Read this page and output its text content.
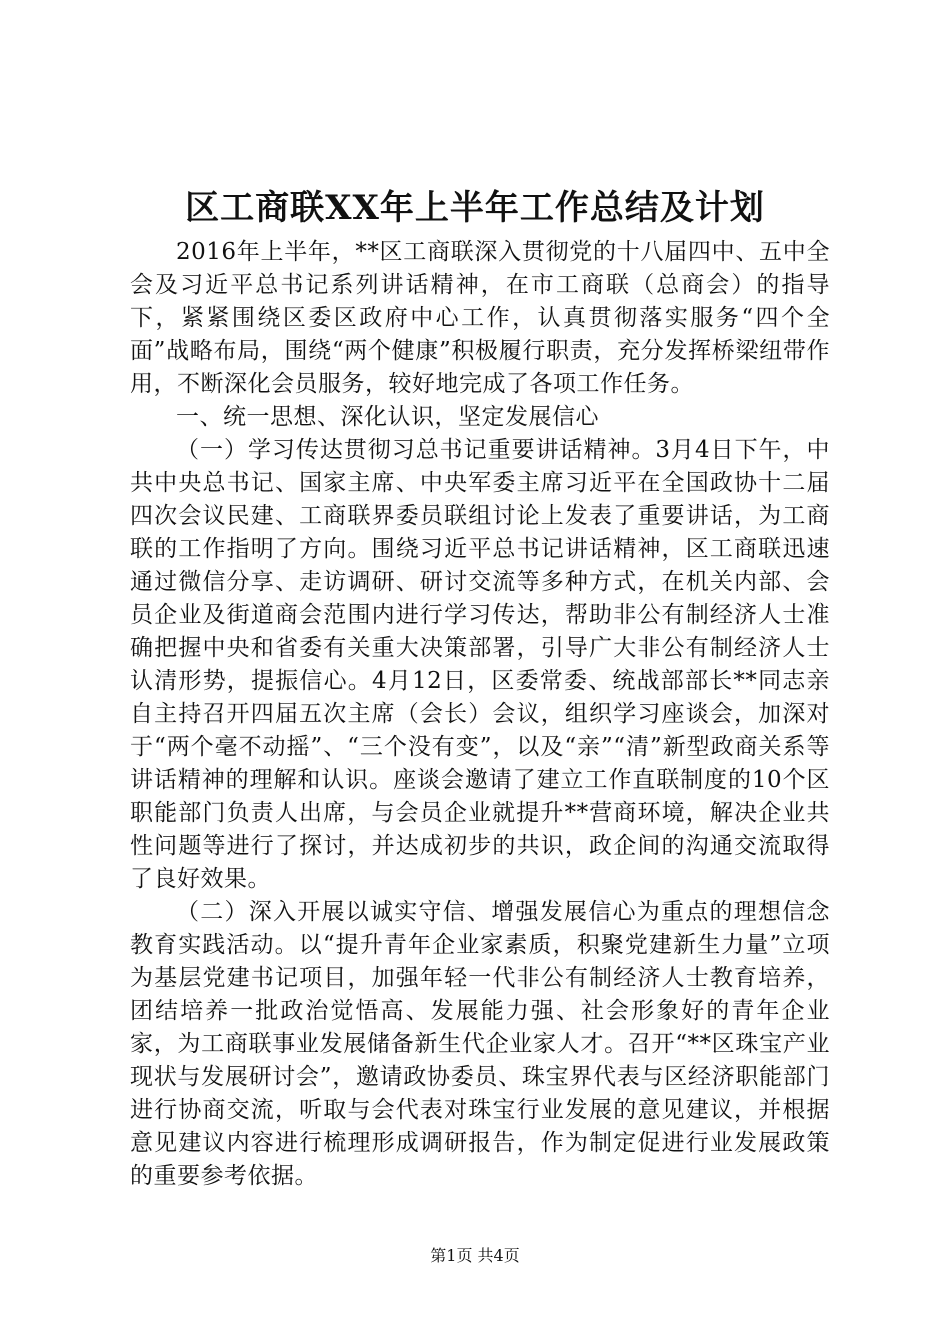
区工商联XX年上半年工作总结及计划

2016年上半年，**区工商联深入贯彻党的十八届四中、五中全会及习近平总书记系列讲话精神，在市工商联（总商会）的指导下，紧紧围绕区委区政府中心工作，认真贯彻落实服务“四个全面”战略布局，围绕“两个健康”积极履行职责，充分发挥桥梁纽带作用，不断深化会员服务，较好地完成了各项工作任务。

一、统一思想、深化认识，坚定发展信心

（一）学习传达贯彻习总书记重要讲话精神。3月4日下午，中共中央总书记、国家主席、中央军委主席习近平在全国政协十二届四次会议民建、工商联界委员联组讨论上发表了重要讲话，为工商联的工作指明了方向。围绕习近平总书记讲话精神，区工商联迅速通过微信分享、走访调研、研讨交流等多种方式，在机关内部、会员企业及街道商会范围内进行学习传达，帮助非公有制经济人士准确把握中央和省委有关重大决策部署，引导广大非公有制经济人士认清形势，提振信心。4月12日，区委常委、统战部部长**同志亲自主持召开四届五次主席（会长）会议，组织学习座谈会，加深对于“两个毫不动摇”、“三个没有变”，以及“亲”“清”新型政商关系等讲话精神的理解和认识。座谈会邀请了建立工作直联制度的10个区职能部门负责人出席，与会员企业就提升**营商环境，解决企业共性问题等进行了探讨，并达成初步的共识，政企间的沟通交流取得了良好效果。

（二）深入开展以诚实守信、增强发展信心为重点的理想信念教育实践活动。以“提升青年企业家素质，积聚党建新生力量”立项为基层党建书记项目，加强年轻一代非公有制经济人士教育培养，团结培养一批政治觉悟高、发展能力强、社会形象好的青年企业家，为工商联事业发展储备新生代企业家人才。召开“**区珠宝产业现状与发展研讨会”，邀请政协委员、珠宝界代表与区经济职能部门进行协商交流，听取与会代表对珠宝行业发展的意见建议，并根据意见建议内容进行梳理形成调研报告，作为制定促进行业发展政策的重要参考依据。

第1页 共4页
